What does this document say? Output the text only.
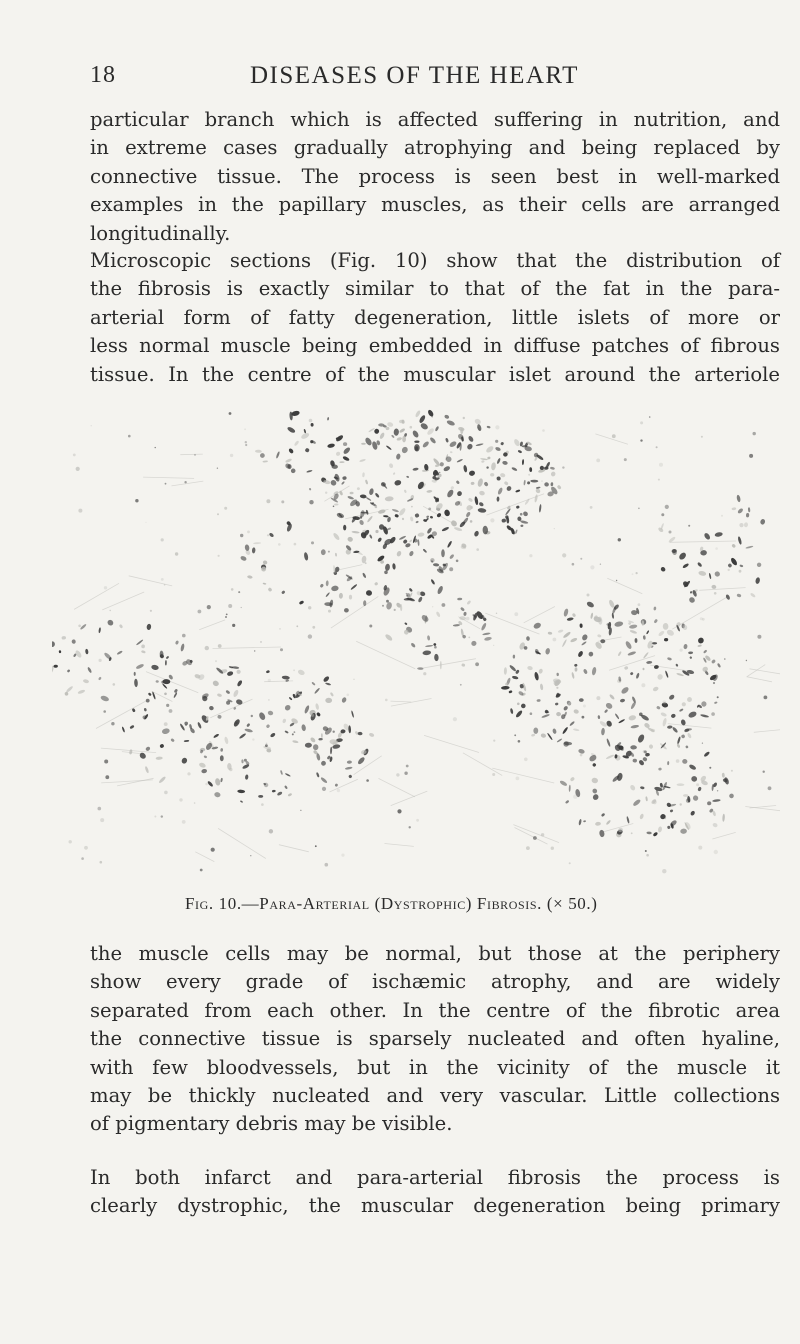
18	DISEASES OF THE HEART

particular branch which is affected suffering in nutrition, and
in extreme cases gradually atrophying and being replaced by
connective tissue. The process is seen best in well-marked
examples in the papillary muscles, as their cells are arranged
longitudinally.

Microscopic sections (Fig. 10) show that the distribution of
the fibrosis is exactly similar to that of the fat in the para-
arterial form of fatty degeneration, little islets of more or
less normal muscle being embedded in diffuse patches of fibrous
tissue. In the centre of the muscular islet around the arteriole

Fig. 10.—Para-Arterial (Dystrophic) Fibrosis. (× 50.)

the muscle cells may be normal, but those at the periphery
show every grade of ischæmic atrophy, and are widely
separated from each other. In the centre of the fibrotic area
the connective tissue is sparsely nucleated and often hyaline,
with few bloodvessels, but in the vicinity of the muscle it
may be thickly nucleated and very vascular. Little collections
of pigmentary debris may be visible.

In both infarct and para-arterial fibrosis the process is
clearly dystrophic, the muscular degeneration being primary
